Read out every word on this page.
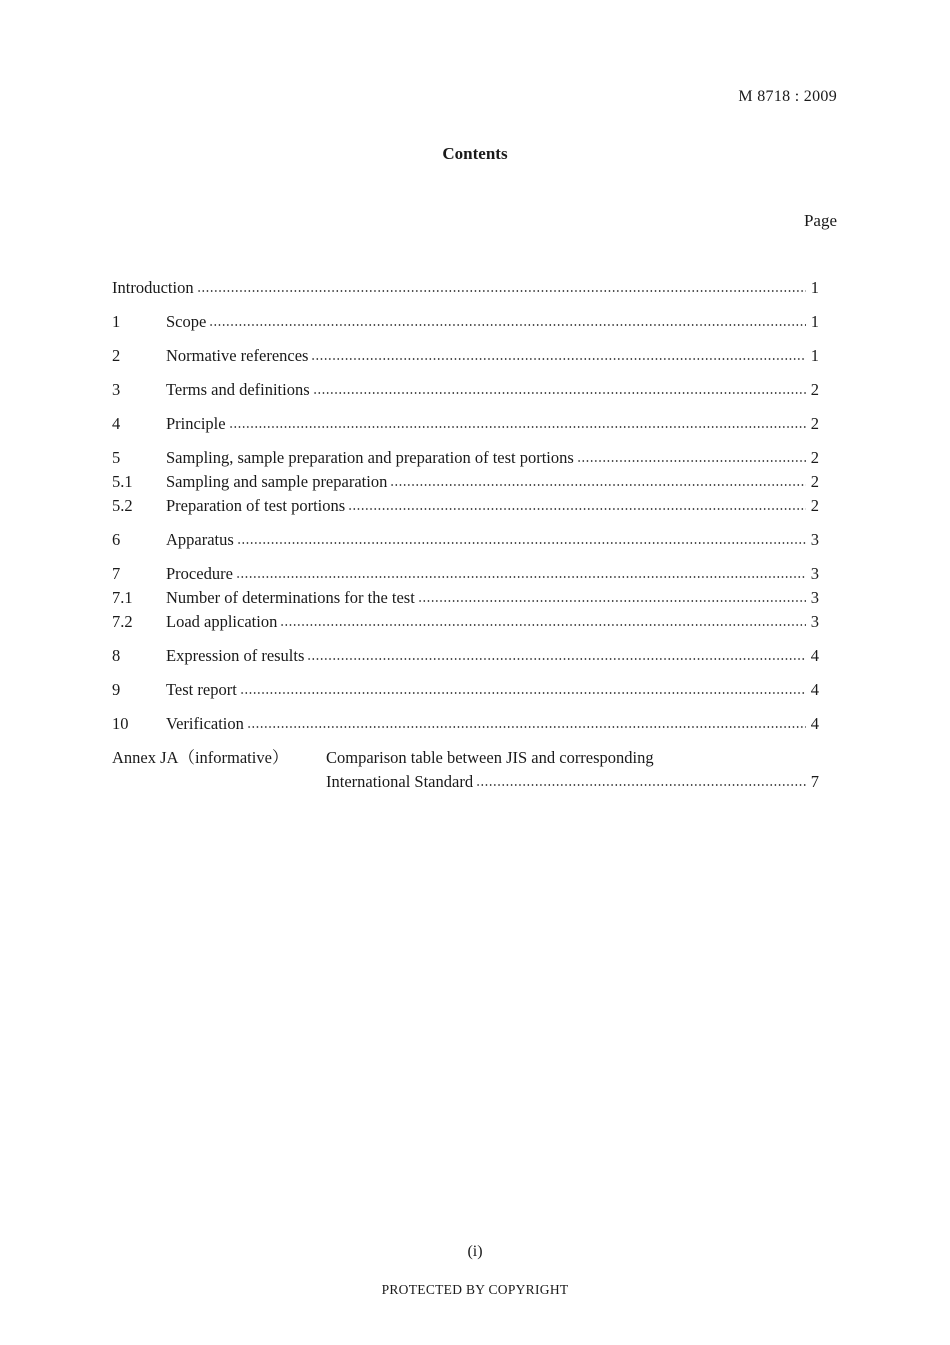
M 8718 : 2009
Contents
Page
Introduction	1
1	Scope	1
2	Normative references	1
3	Terms and definitions	2
4	Principle	2
5	Sampling, sample preparation and preparation of test portions	2
5.1	Sampling and sample preparation	2
5.2	Preparation of test portions	2
6	Apparatus	3
7	Procedure	3
7.1	Number of determinations for the test	3
7.2	Load application	3
8	Expression of results	4
9	Test report	4
10	Verification	4
Annex JA（informative）	Comparison table between JIS and corresponding
International Standard	7
(i)
PROTECTED BY COPYRIGHT
